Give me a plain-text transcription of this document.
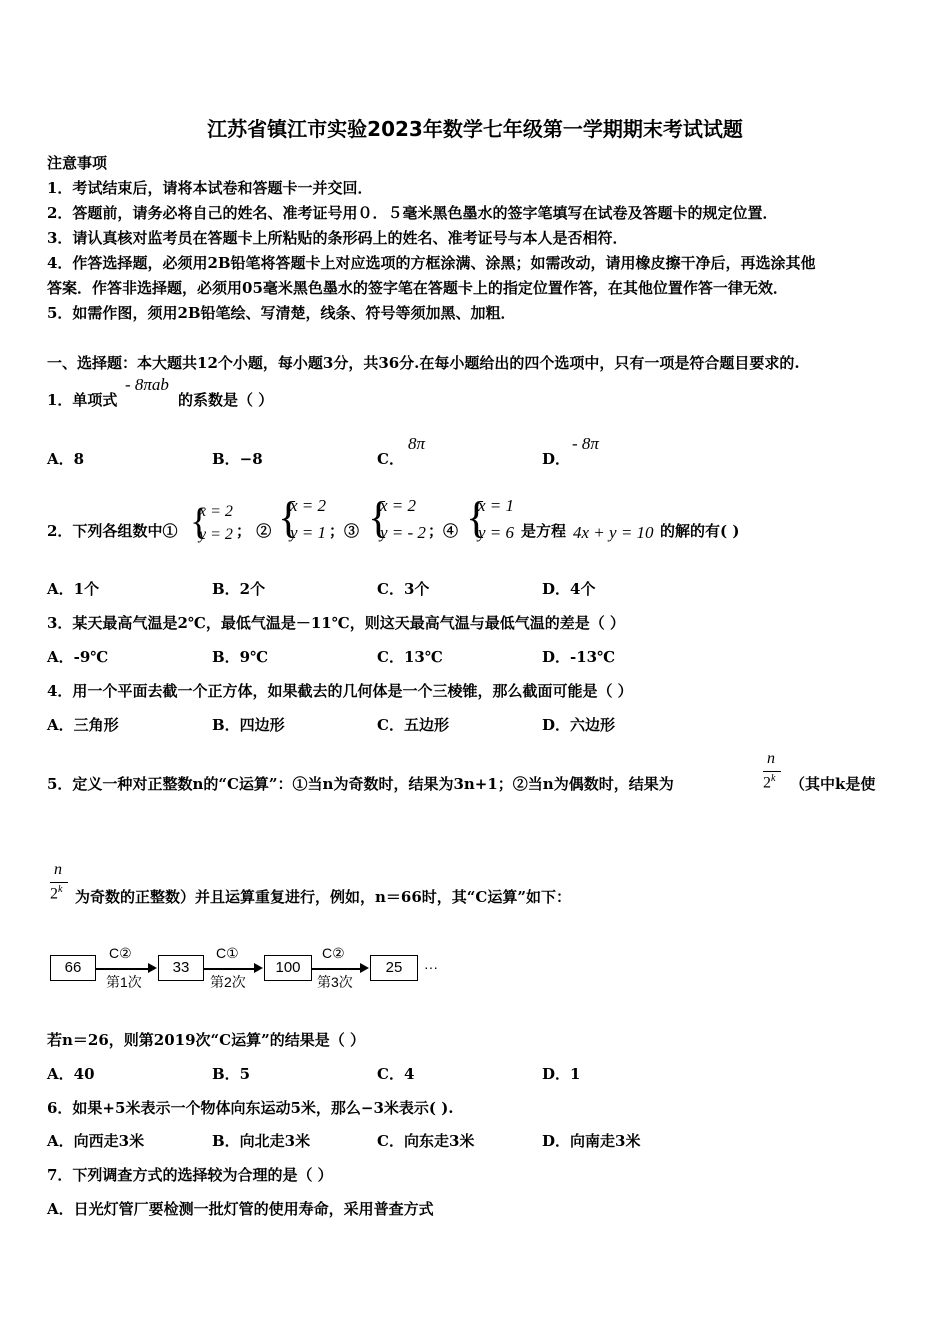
江苏省镇江市实验2023年数学七年级第一学期期末考试试题
注意事项
1．考试结束后，请将本试卷和答题卡一并交回．
2．答题前，请务必将自己的姓名、准考证号用０．５毫米黑色墨水的签字笔填写在试卷及答题卡的规定位置．
3．请认真核对监考员在答题卡上所粘贴的条形码上的姓名、准考证号与本人是否相符．
4．作答选择题，必须用2B铅笔将答题卡上对应选项的方框涂满、涂黑；如需改动，请用橡皮擦干净后，再选涂其他
答案．作答非选择题，必须用05毫米黑色墨水的签字笔在答题卡上的指定位置作答，在其他位置作答一律无效．
5．如需作图，须用2B铅笔绘、写清楚，线条、符号等须加黑、加粗．
一、选择题：本大题共12个小题，每小题3分，共36分.在每小题给出的四个选项中，只有一项是符合题目要求的.
1．单项式
- 8πab
的系数是（ ）
A．8	B．−8	C．
8π
D．
- 8π
2．下列各组数中① {
x = 2
y = 2 ； ② {
x = 2
y = 1 ；③ {
x = 2
y = - 2 ；④ {
x = 1
y = 6 是方程 4x + y = 10 的解的有( )
A．1个	B．2个	C．3个	D．4个
3．某天最高气温是2℃，最低气温是－11℃，则这天最高气温与最低气温的差是（ ）
A．-9℃	B．9℃	C．13℃	D．-13℃
4．用一个平面去截一个正方体，如果截去的几何体是一个三棱锥，那么截面可能是（ ）
A．三角形	B．四边形	C．五边形	D．六边形
5．定义一种对正整数n的“C运算”：①当n为奇数时，结果为3n+1；②当n为偶数时，结果为
n
2$^k$ （其中k是使
n
2$^k$ 为奇数的正整数）并且运算重复进行，例如，n＝66时，其“C运算”如下：
66
C②
第1次
33
C①
第2次
100
C②
第3次
25	···
若n＝26，则第2019次“C运算”的结果是（ ）
A．40	B．5	C．4	D．1
6．如果+5米表示一个物体向东运动5米，那么−3米表示( ).
A．向西走3米	B．向北走3米	C．向东走3米	D．向南走3米
7．下列调查方式的选择较为合理的是（ ）
A．日光灯管厂要检测一批灯管的使用寿命，采用普查方式
